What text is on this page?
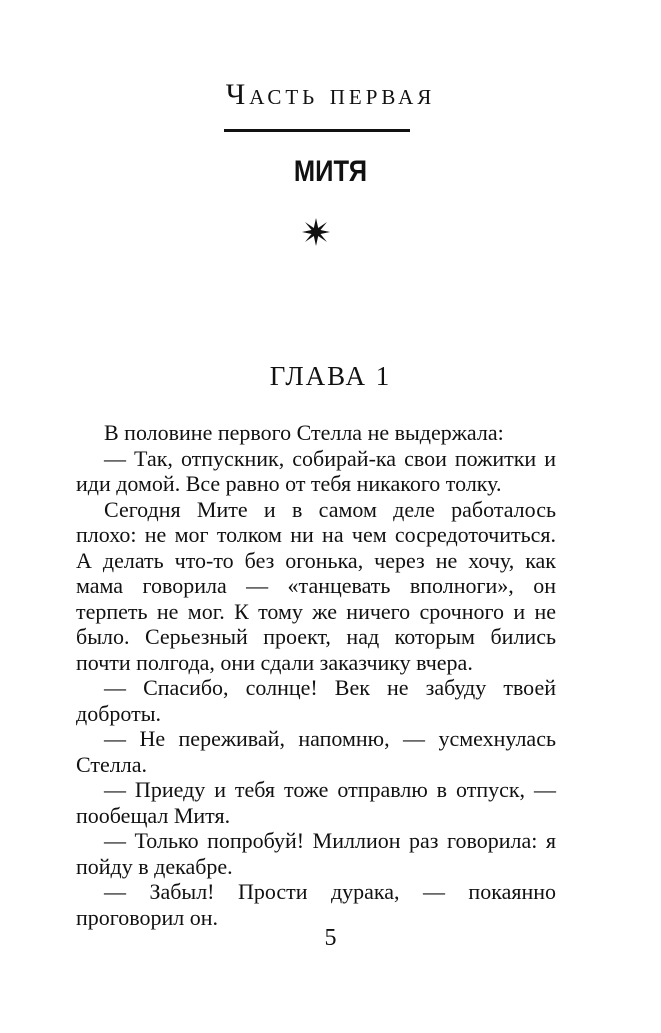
Часть первая
МИТЯ
ГЛАВА 1

В половине первого Стелла не выдержала:

— Так, отпускник, собирай-ка свои пожитки и иди домой. Все равно от тебя никакого толку.

Сегодня Мите и в самом деле работалось плохо: не мог толком ни на чем сосредоточиться. А делать что-то без огонька, через не хочу, как мама говорила — «танцевать вполноги», он терпеть не мог. К тому же ничего срочного и не было. Серьезный проект, над которым бились почти полгода, они сдали заказчику вчера.

— Спасибо, солнце! Век не забуду твоей доброты.

— Не переживай, напомню, — усмехнулась Стелла.

— Приеду и тебя тоже отправлю в отпуск, — пообещал Митя.

— Только попробуй! Миллион раз говорила: я пойду в декабре.

— Забыл! Прости дурака, — покаянно проговорил он.

5
